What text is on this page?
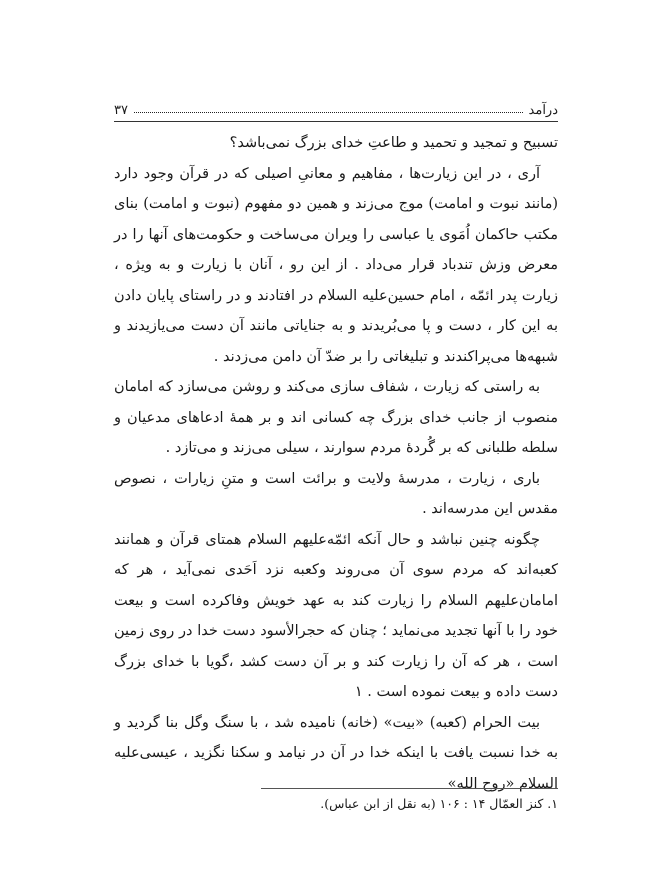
درآمد
۳۷

تسبیح و تمجید و تحمید و طاعتِ خدای بزرگ نمی‌باشد؟

آری ، در این زیارت‌ها ، مفاهیم و معانیِ اصیلی که در قرآن وجود دارد (مانند نبوت و امامت) موج می‌زند و همین دو مفهوم (نبوت و امامت) بنای مکتب حاکمان اُمَوی یا عباسی را ویران می‌ساخت و حکومت‌های آنها را در معرض وزش تندباد قرار می‌داد . از این رو ، آنان با زیارت و به ویژه ، زیارت پدر ائمّه ، امام حسین‌علیه السلام در افتادند و در راستای پایان دادن به این کار ، دست و پا می‌بُریدند و به جنایاتی مانند آن دست می‌یازیدند و شبهه‌ها می‌پراکندند و تبلیغاتی را بر ضدّ آن دامن می‌زدند .

به راستی که زیارت ، شفاف سازی می‌کند و روشن می‌سازد که امامان منصوب از جانب خدای بزرگ چه کسانی اند و بر همهٔ ادعاهای مدعیان و سلطه طلبانی که بر گُردهٔ مردم سوارند ، سیلی می‌زند و می‌تازد .

باری ، زیارت ، مدرسهٔ ولایت و برائت است و متنِ زیارات ، نصوص مقدس این مدرسه‌اند .

چگونه چنین نباشد و حال آنکه ائمّه‌علیهم السلام همتای قرآن و همانند کعبه‌اند که مردم سوی آن می‌روند وکعبه نزد اَحَدی نمی‌آید ، هر که امامان‌علیهم السلام را زیارت کند به عهد خویش وفاکرده است و بیعت خود را با آنها تجدید می‌نماید ؛ چنان که حجرالأسود دست خدا در روی زمین است ، هر که آن را زیارت کند و بر آن دست کشد ،گویا با خدای بزرگ دست داده و بیعت نموده است . ۱

بیت الحرام (کعبه) «بیت» (خانه) نامیده شد ، با سنگ وگل بنا گردید و به خدا نسبت یافت با اینکه خدا در آن در نیامد و سکنا نگزید ، عیسی‌علیه السلام «روح الله»

۱. کنز العمّال ۱۴ : ۱۰۶ (به نقل از ابن عباس).
